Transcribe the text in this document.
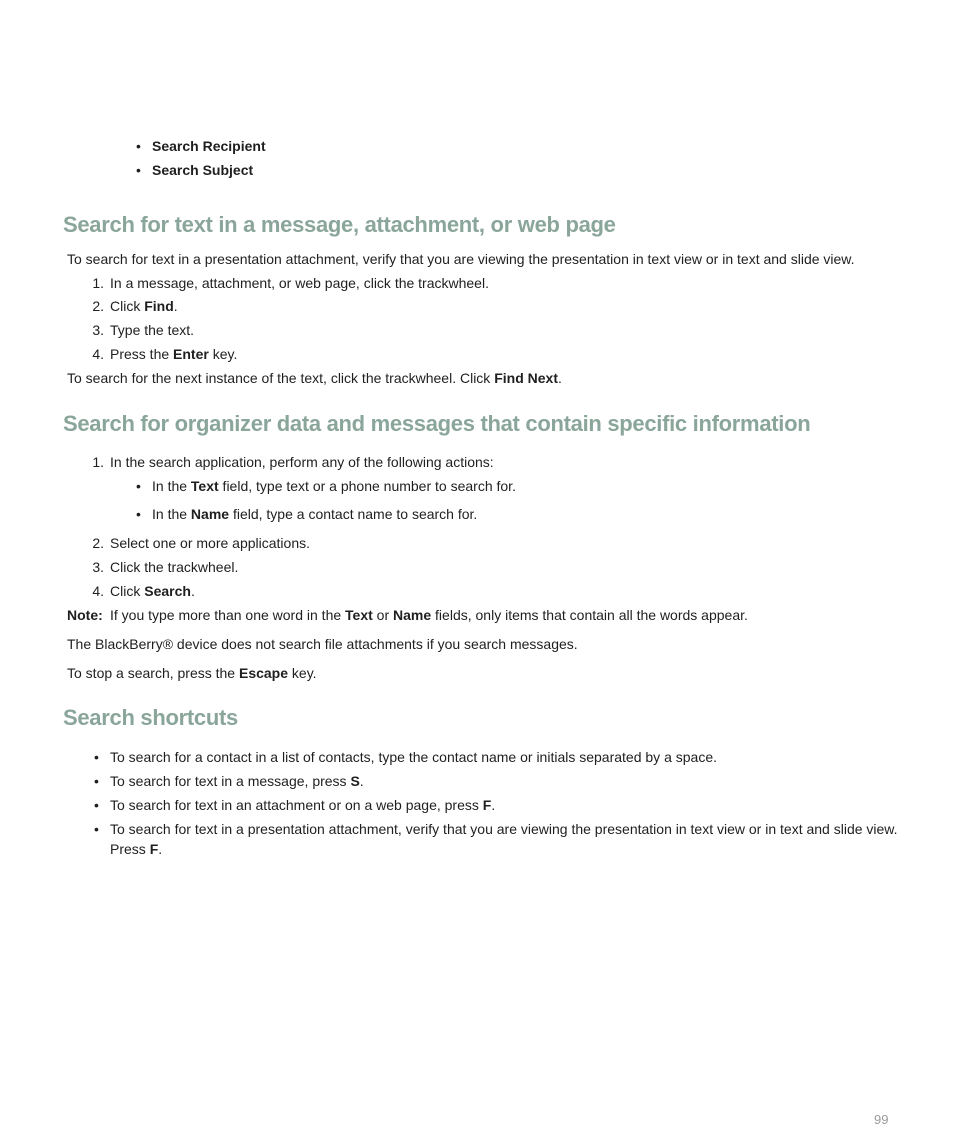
• Search Recipient
• Search Subject
Search for text in a message, attachment, or web page
To search for text in a presentation attachment, verify that you are viewing the presentation in text view or in text and slide view.
1. In a message, attachment, or web page, click the trackwheel.
2. Click Find.
3. Type the text.
4. Press the Enter key.
To search for the next instance of the text, click the trackwheel. Click Find Next.
Search for organizer data and messages that contain specific information
1. In the search application, perform any of the following actions:
• In the Text field, type text or a phone number to search for.
• In the Name field, type a contact name to search for.
2. Select one or more applications.
3. Click the trackwheel.
4. Click Search.
Note: If you type more than one word in the Text or Name fields, only items that contain all the words appear.
The BlackBerry® device does not search file attachments if you search messages.
To stop a search, press the Escape key.
Search shortcuts
• To search for a contact in a list of contacts, type the contact name or initials separated by a space.
• To search for text in a message, press S.
• To search for text in an attachment or on a web page, press F.
• To search for text in a presentation attachment, verify that you are viewing the presentation in text view or in text and slide view.
Press F.
99
